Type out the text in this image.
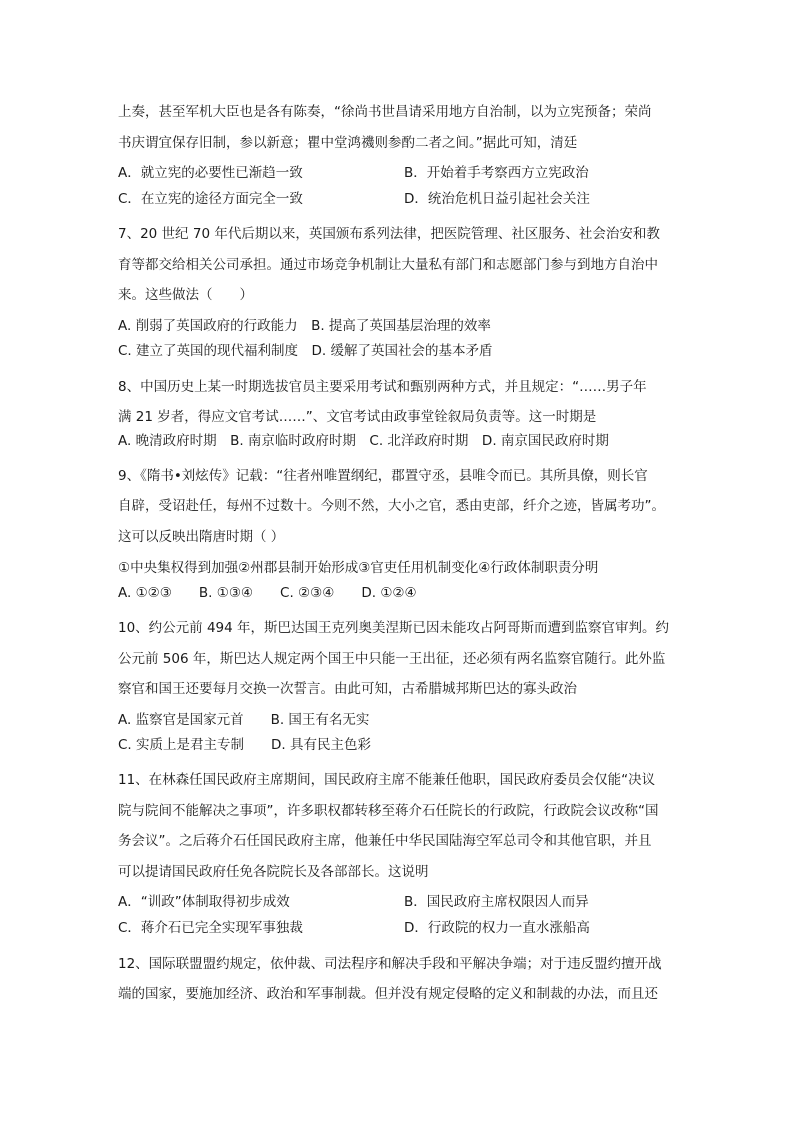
上奏，甚至军机大臣也是各有陈奏，“徐尚书世昌请采用地方自治制，以为立宪预备；荣尚
书庆谓宜保存旧制，参以新意；瞿中堂鸿禨则参酌二者之间。”据此可知，清廷
A．就立宪的必要性已渐趋一致	B．开始着手考察西方立宪政治
C．在立宪的途径方面完全一致	D．统治危机日益引起社会关注
7、20 世纪 70 年代后期以来，英国颁布系列法律，把医院管理、社区服务、社会治安和教
育等都交给相关公司承担。通过市场竞争机制让大量私有部门和志愿部门参与到地方自治中
来。这些做法（　　）
A. 削弱了英国政府的行政能力　B. 提高了英国基层治理的效率
C. 建立了英国的现代福利制度　D. 缓解了英国社会的基本矛盾
8、中国历史上某一时期选拔官员主要采用考试和甄别两种方式，并且规定：“……男子年
满 21 岁者，得应文官考试……”、文官考试由政事堂铨叙局负责等。这一时期是
A. 晚清政府时期　B. 南京临时政府时期　C. 北洋政府时期　D. 南京国民政府时期
9、《隋书•刘炫传》记载：“往者州唯置纲纪，郡置守丞，县唯令而已。其所具僚，则长官
自辟，受诏赴任，每州不过数十。今则不然，大小之官，悉由吏部，纤介之迹，皆属考功”。
这可以反映出隋唐时期（ ）
①中央集权得到加强②州郡县制开始形成③官吏任用机制变化④行政体制职责分明
A. ①②③　　B. ①③④　　C. ②③④　　D. ①②④
10、约公元前 494 年，斯巴达国王克列奥美涅斯已因未能攻占阿哥斯而遭到监察官审判。约
公元前 506 年，斯巴达人规定两个国王中只能一王出征，还必须有两名监察官随行。此外监
察官和国王还要每月交换一次誓言。由此可知，古希腊城邦斯巴达的寡头政治
A. 监察官是国家元首　　B. 国王有名无实
C. 实质上是君主专制　　D. 具有民主色彩
11、在林森任国民政府主席期间，国民政府主席不能兼任他职，国民政府委员会仅能“决议
院与院间不能解决之事项”，许多职权都转移至蒋介石任院长的行政院，行政院会议改称“国
务会议”。之后蒋介石任国民政府主席，他兼任中华民国陆海空军总司令和其他官职，并且
可以提请国民政府任免各院院长及各部部长。这说明
A．“训政”体制取得初步成效	B．国民政府主席权限因人而异
C．蒋介石已完全实现军事独裁	D．行政院的权力一直水涨船高
12、国际联盟盟约规定，依仲裁、司法程序和解决手段和平解决争端；对于违反盟约擅开战
端的国家，要施加经济、政治和军事制裁。但并没有规定侵略的定义和制裁的办法，而且还
